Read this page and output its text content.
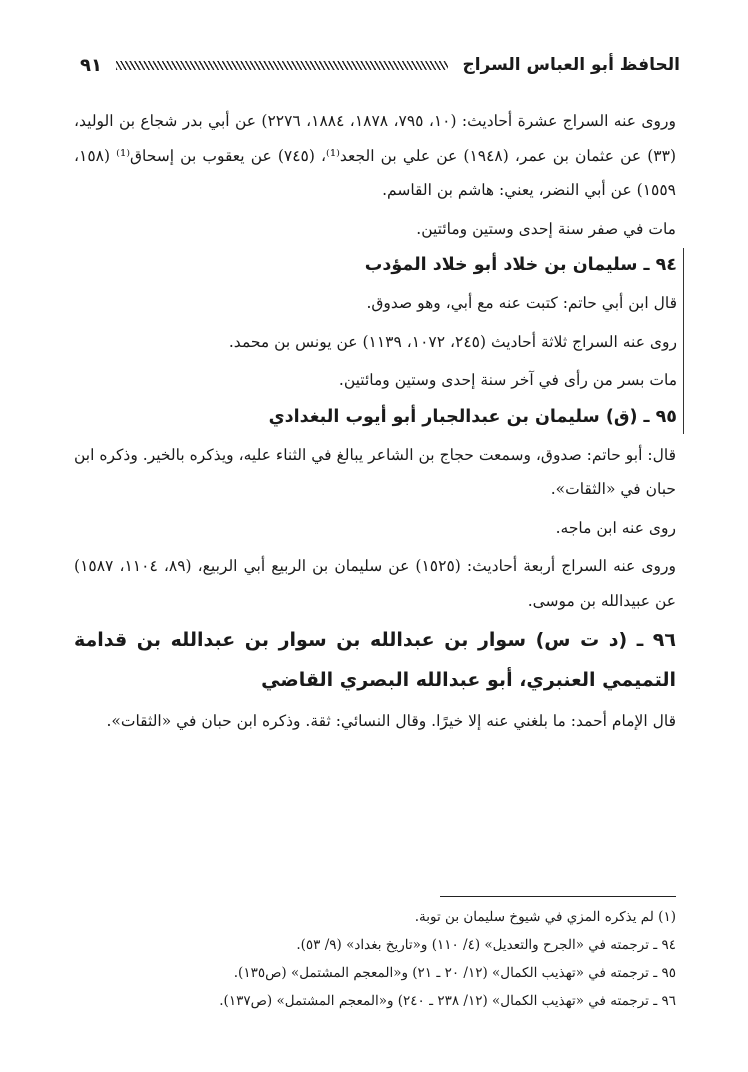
الحافظ أبو العباس السراج
٩١

وروى عنه السراج عشرة أحاديث: (١٠، ٧٩٥، ١٨٧٨، ١٨٨٤، ٢٢٧٦) عن أبي بدر شجاع بن الوليد، (٣٣) عن عثمان بن عمر، (١٩٤٨) عن علي بن الجعد⁽¹⁾، (٧٤٥) عن يعقوب بن إسحاق⁽¹⁾ (١٥٨، ١٥٥٩) عن أبي النضر، يعني: هاشم بن القاسم.

مات في صفر سنة إحدى وستين ومائتين.

٩٤ ـ سليمان بن خلاد أبو خلاد المؤدب

قال ابن أبي حاتم: كتبت عنه مع أبي، وهو صدوق.

روى عنه السراج ثلاثة أحاديث (٢٤٥، ١٠٧٢، ١١٣٩) عن يونس بن محمد.

مات بسر من رأى في آخر سنة إحدى وستين ومائتين.

٩٥ ـ (ق) سليمان بن عبدالجبار أبو أيوب البغدادي

قال: أبو حاتم: صدوق، وسمعت حجاج بن الشاعر يبالغ في الثناء عليه، ويذكره بالخير. وذكره ابن حبان في «الثقات».

روى عنه ابن ماجه.

وروى عنه السراج أربعة أحاديث: (١٥٢٥) عن سليمان بن الربيع أبي الربيع، (٨٩، ١١٠٤، ١٥٨٧) عن عبيدالله بن موسى.

٩٦ ـ (د ت س) سوار بن عبدالله بن سوار بن عبدالله بن قدامة التميمي العنبري، أبو عبدالله البصري القاضي

قال الإمام أحمد: ما بلغني عنه إلا خيرًا. وقال النسائي: ثقة. وذكره ابن حبان في «الثقات».

(١) لم يذكره المزي في شيوخ سليمان بن توبة.

٩٤ ـ ترجمته في «الجرح والتعديل» (٤/ ١١٠) و«تاريخ بغداد» (٩/ ٥٣).

٩٥ ـ ترجمته في «تهذيب الكمال» (١٢/ ٢٠ ـ ٢١) و«المعجم المشتمل» (ص١٣٥).

٩٦ ـ ترجمته في «تهذيب الكمال» (١٢/ ٢٣٨ ـ ٢٤٠) و«المعجم المشتمل» (ص١٣٧).
